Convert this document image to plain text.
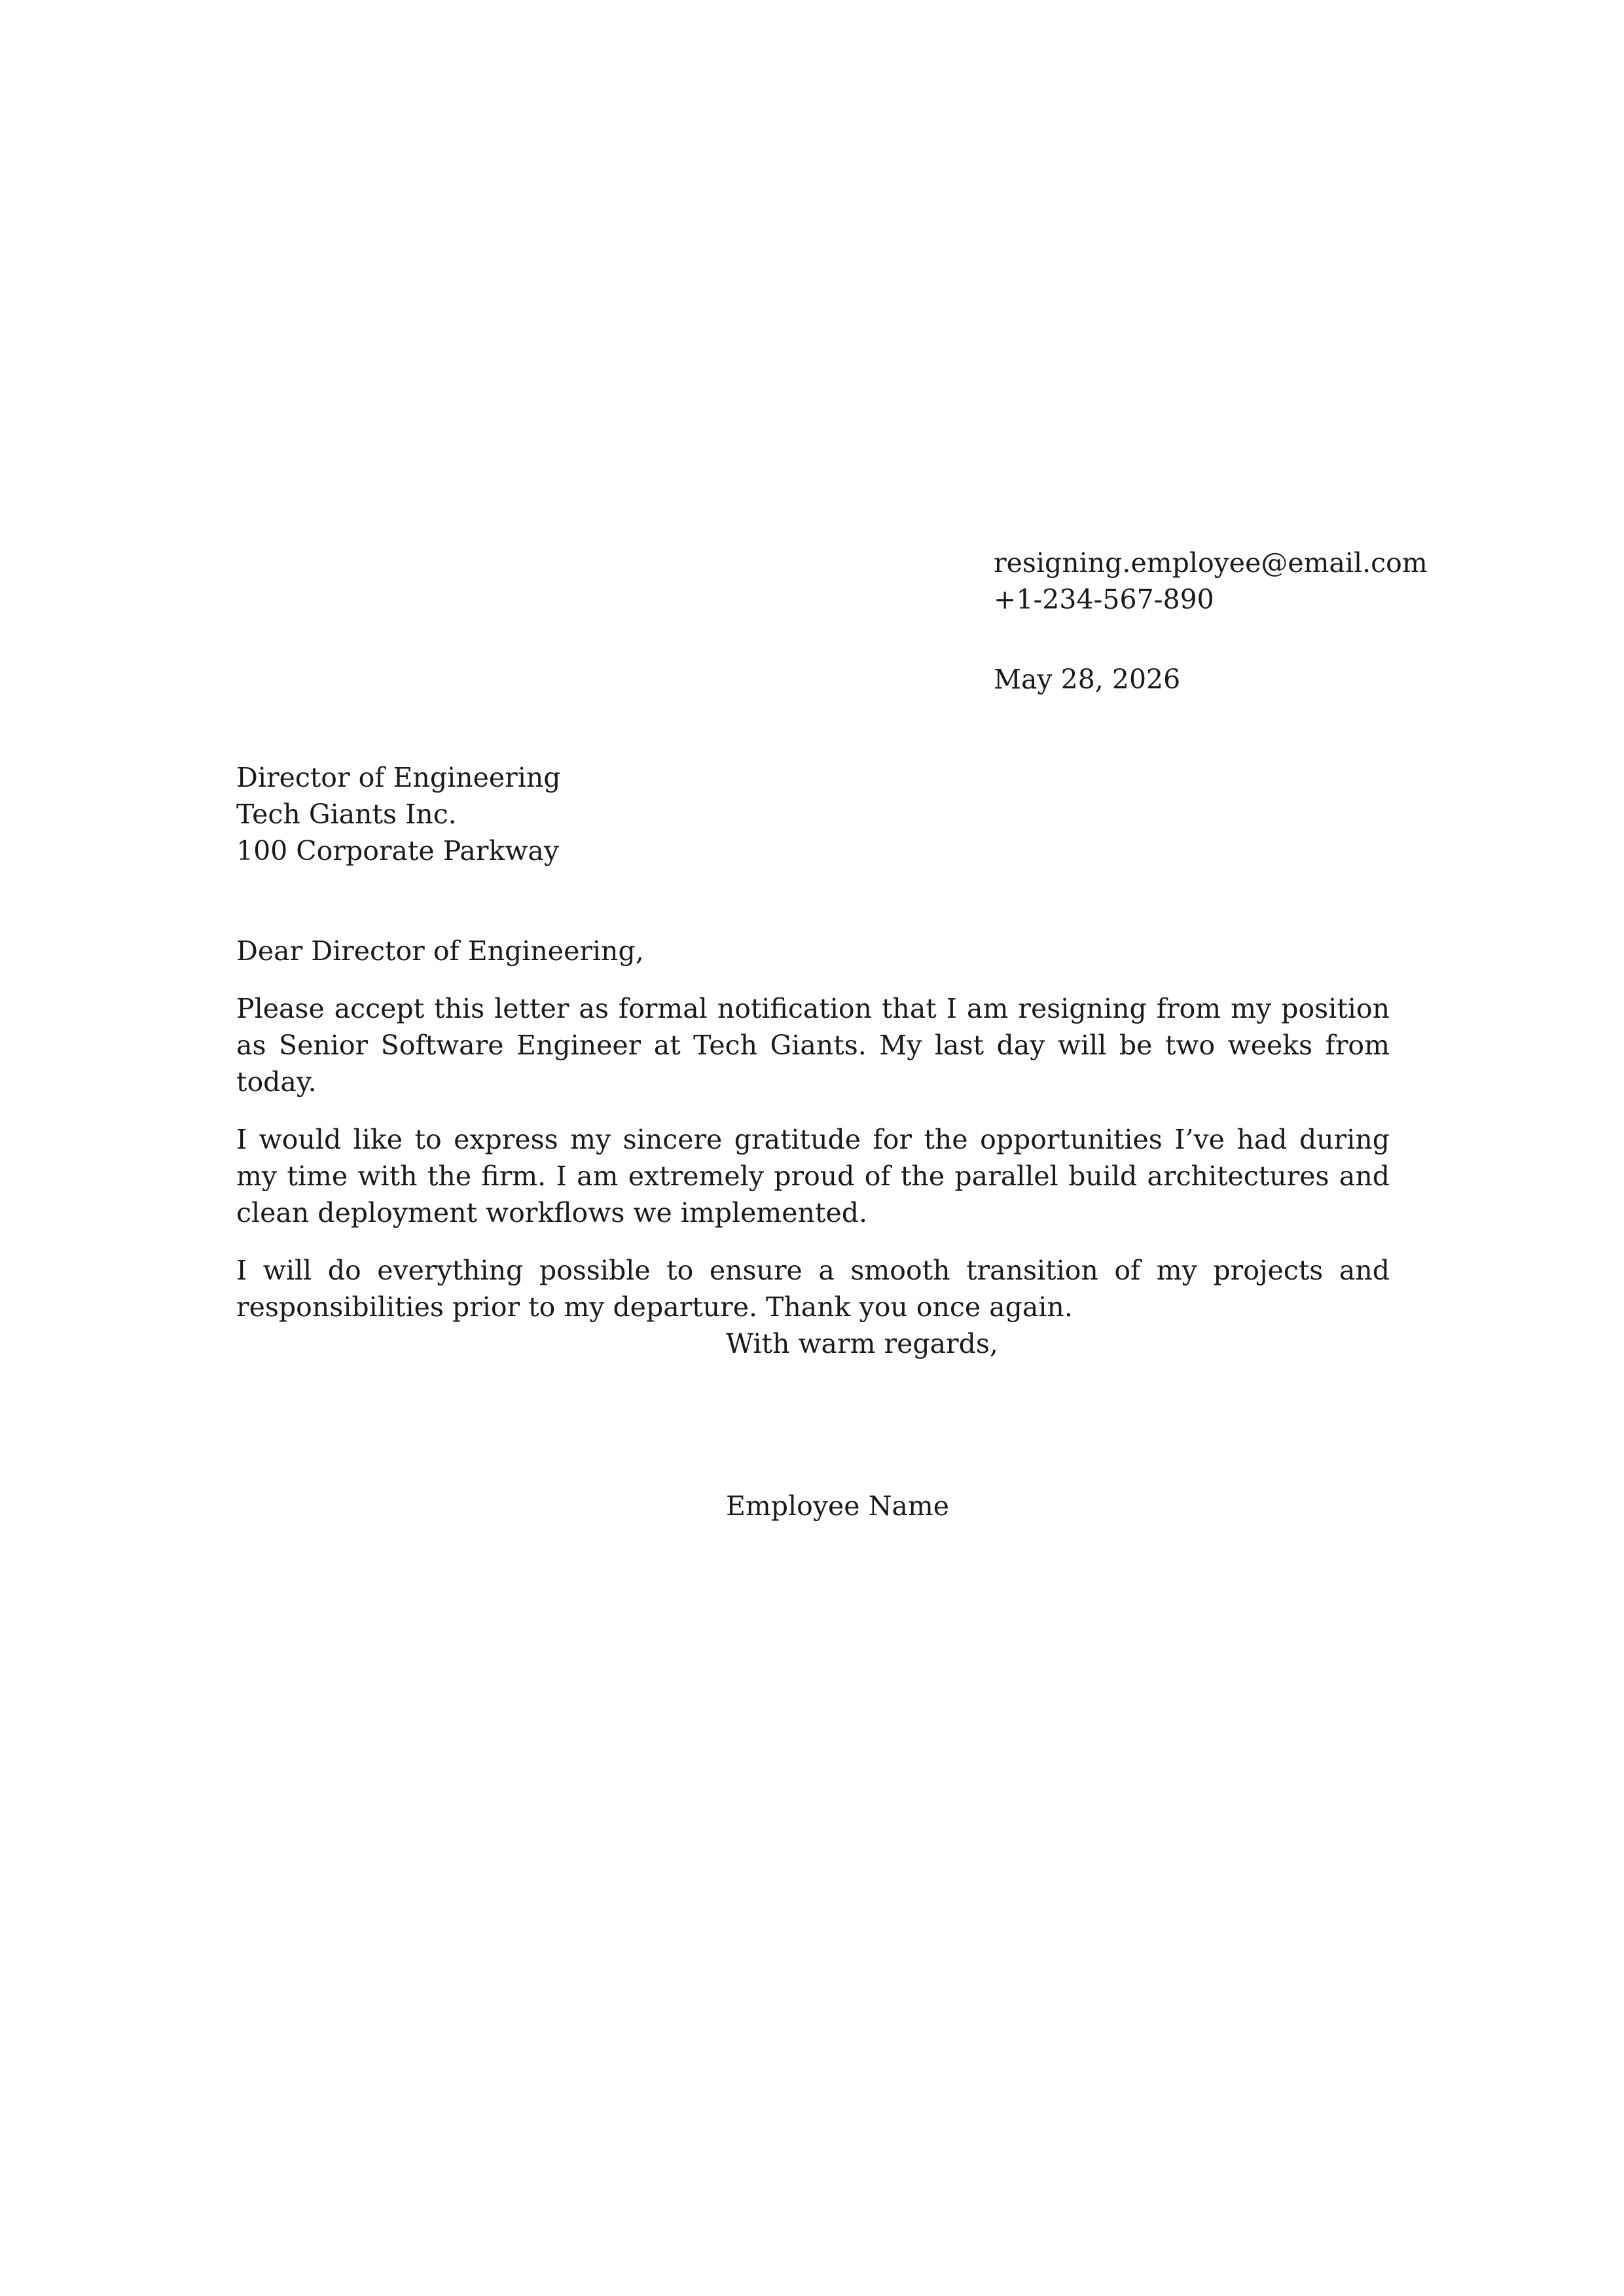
resigning.employee@email.com
+1-234-567-890
May 28, 2026
Director of Engineering
Tech Giants Inc.
100 Corporate Parkway

Dear Director of Engineering,

Please accept this letter as formal notification that I am resigning from my position as Senior Software Engineer at Tech Giants. My last day will be two weeks from today.

I would like to express my sincere gratitude for the opportunities I’ve had during my time with the firm. I am extremely proud of the parallel build architectures and clean deployment workflows we implemented.

I will do everything possible to ensure a smooth transition of my projects and responsibilities prior to my departure. Thank you once again.

With warm regards,
Employee Name
